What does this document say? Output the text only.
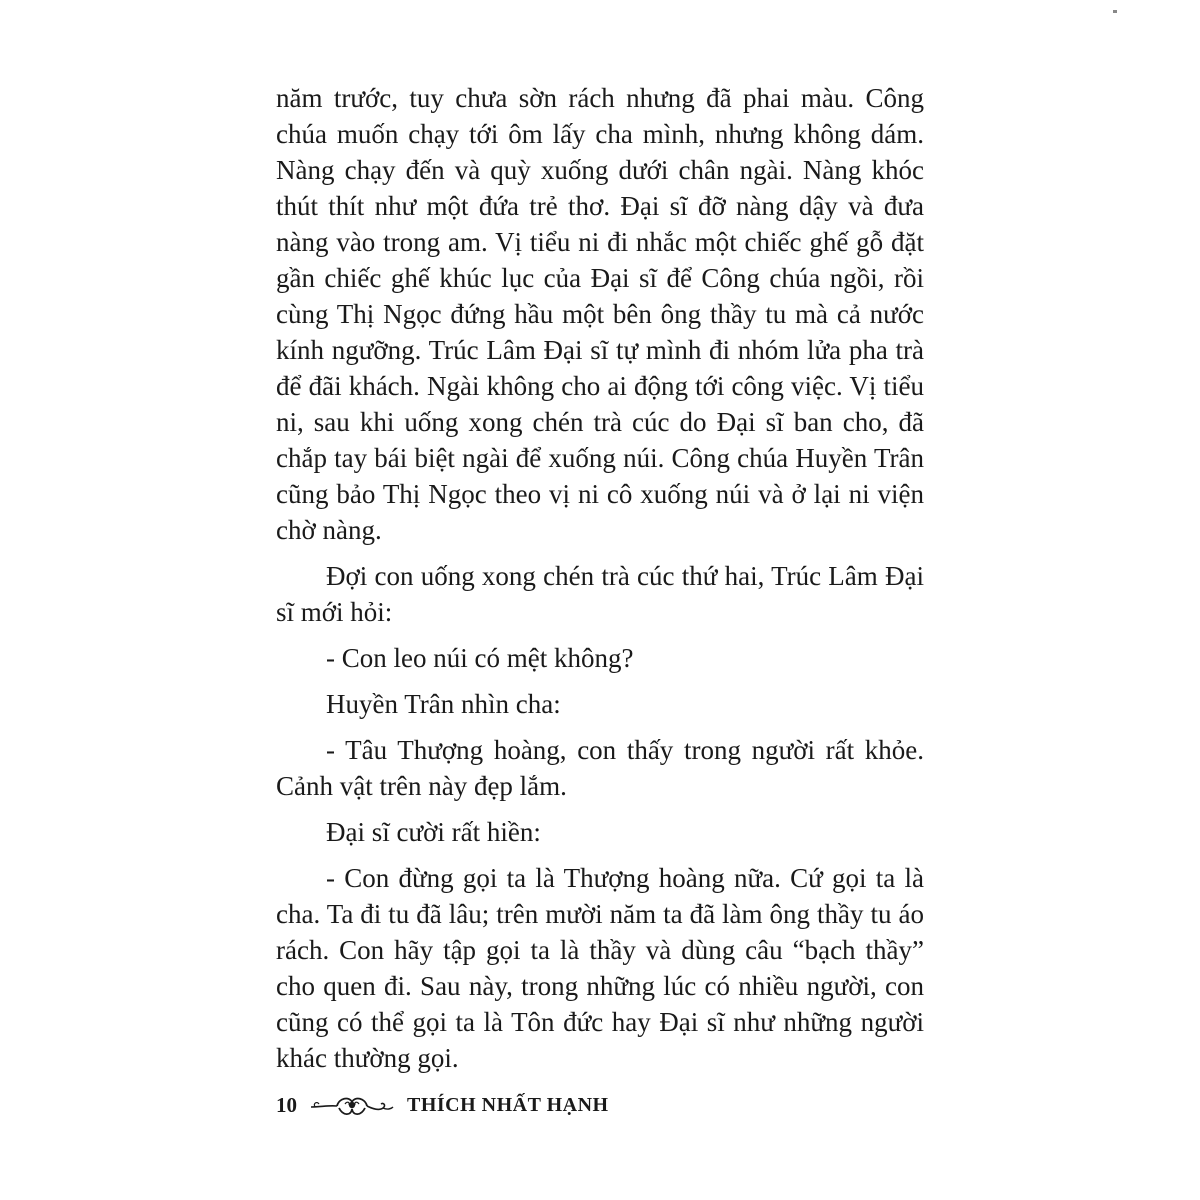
năm trước, tuy chưa sờn rách nhưng đã phai màu. Công chúa muốn chạy tới ôm lấy cha mình, nhưng không dám. Nàng chạy đến và quỳ xuống dưới chân ngài. Nàng khóc thút thít như một đứa trẻ thơ. Đại sĩ đỡ nàng dậy và đưa nàng vào trong am. Vị tiểu ni đi nhắc một chiếc ghế gỗ đặt gần chiếc ghế khúc lục của Đại sĩ để Công chúa ngồi, rồi cùng Thị Ngọc đứng hầu một bên ông thầy tu mà cả nước kính ngưỡng. Trúc Lâm Đại sĩ tự mình đi nhóm lửa pha trà để đãi khách. Ngài không cho ai động tới công việc. Vị tiểu ni, sau khi uống xong chén trà cúc do Đại sĩ ban cho, đã chắp tay bái biệt ngài để xuống núi. Công chúa Huyền Trân cũng bảo Thị Ngọc theo vị ni cô xuống núi và ở lại ni viện chờ nàng.

Đợi con uống xong chén trà cúc thứ hai, Trúc Lâm Đại sĩ mới hỏi:

- Con leo núi có mệt không?

Huyền Trân nhìn cha:

- Tâu Thượng hoàng, con thấy trong người rất khỏe. Cảnh vật trên này đẹp lắm.

Đại sĩ cười rất hiền:

- Con đừng gọi ta là Thượng hoàng nữa. Cứ gọi ta là cha. Ta đi tu đã lâu; trên mười năm ta đã làm ông thầy tu áo rách. Con hãy tập gọi ta là thầy và dùng câu “bạch thầy” cho quen đi. Sau này, trong những lúc có nhiều người, con cũng có thể gọi ta là Tôn đức hay Đại sĩ như những người khác thường gọi.

10	THÍCH NHẤT HẠNH
